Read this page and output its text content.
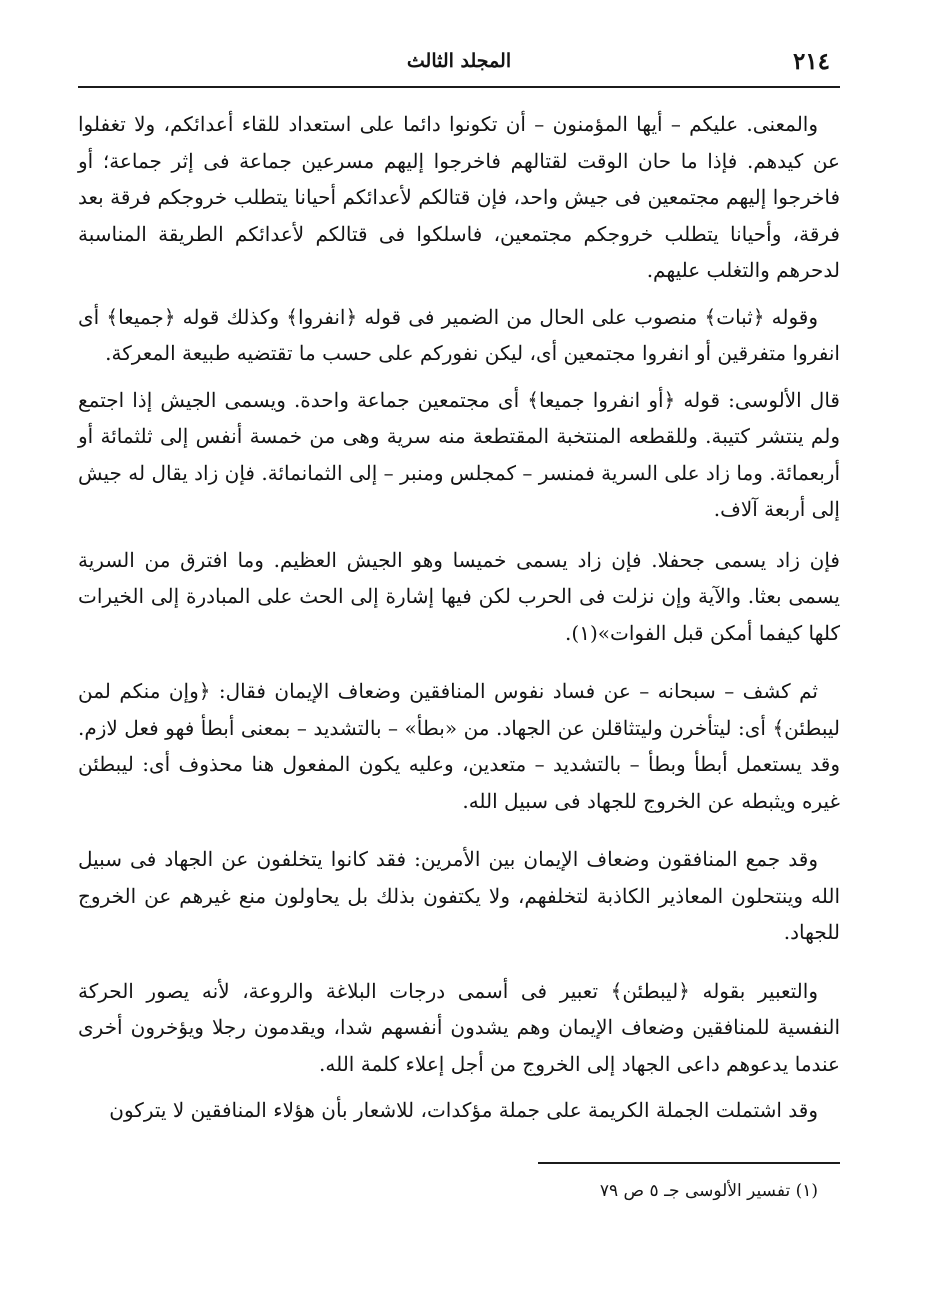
٢١٤
المجلد الثالث

والمعنى. عليكم – أيها المؤمنون – أن تكونوا دائما على استعداد للقاء أعدائكم، ولا تغفلوا عن كيدهم. فإذا ما حان الوقت لقتالهم فاخرجوا إليهم مسرعين جماعة فى إثر جماعة؛ أو فاخرجوا إليهم مجتمعين فى جيش واحد، فإن قتالكم لأعدائكم أحيانا يتطلب خروجكم فرقة بعد فرقة، وأحيانا يتطلب خروجكم مجتمعين، فاسلكوا فى قتالكم لأعدائكم الطريقة المناسبة لدحرهم والتغلب عليهم.

وقوله ﴿ثبات﴾ منصوب على الحال من الضمير فى قوله ﴿انفروا﴾ وكذلك قوله ﴿جميعا﴾ أى انفروا متفرقين أو انفروا مجتمعين أى، ليكن نفوركم على حسب ما تقتضيه طبيعة المعركة.

قال الألوسى: قوله ﴿أو انفروا جميعا﴾ أى مجتمعين جماعة واحدة. ويسمى الجيش إذا اجتمع ولم ينتشر كتيبة. وللقطعه المنتخبة المقتطعة منه سرية وهى من خمسة أنفس إلى ثلثمائة أو أربعمائة. وما زاد على السرية فمنسر – كمجلس ومنبر – إلى الثمانمائة. فإن زاد يقال له جيش إلى أربعة آلاف.

فإن زاد يسمى جحفلا. فإن زاد يسمى خميسا وهو الجيش العظيم. وما افترق من السرية يسمى بعثا. والآية وإن نزلت فى الحرب لكن فيها إشارة إلى الحث على المبادرة إلى الخيرات كلها كيفما أمكن قبل الفوات»(١).

ثم كشف – سبحانه – عن فساد نفوس المنافقين وضعاف الإيمان فقال: ﴿وإن منكم لمن ليبطئن﴾ أى: ليتأخرن وليتثاقلن عن الجهاد. من «بطأ» – بالتشديد – بمعنى أبطأ فهو فعل لازم. وقد يستعمل أبطأ وبطأ – بالتشديد – متعدين، وعليه يكون المفعول هنا محذوف أى: ليبطئن غيره ويثبطه عن الخروج للجهاد فى سبيل الله.

وقد جمع المنافقون وضعاف الإيمان بين الأمرين: فقد كانوا يتخلفون عن الجهاد فى سبيل الله وينتحلون المعاذير الكاذبة لتخلفهم، ولا يكتفون بذلك بل يحاولون منع غيرهم عن الخروج للجهاد.

والتعبير بقوله ﴿ليبطئن﴾ تعبير فى أسمى درجات البلاغة والروعة، لأنه يصور الحركة النفسية للمنافقين وضعاف الإيمان وهم يشدون أنفسهم شدا، ويقدمون رجلا ويؤخرون أخرى عندما يدعوهم داعى الجهاد إلى الخروج من أجل إعلاء كلمة الله.

وقد اشتملت الجملة الكريمة على جملة مؤكدات، للاشعار بأن هؤلاء المنافقين لا يتركون

(١) تفسير الألوسى جـ ٥ ص ٧٩
